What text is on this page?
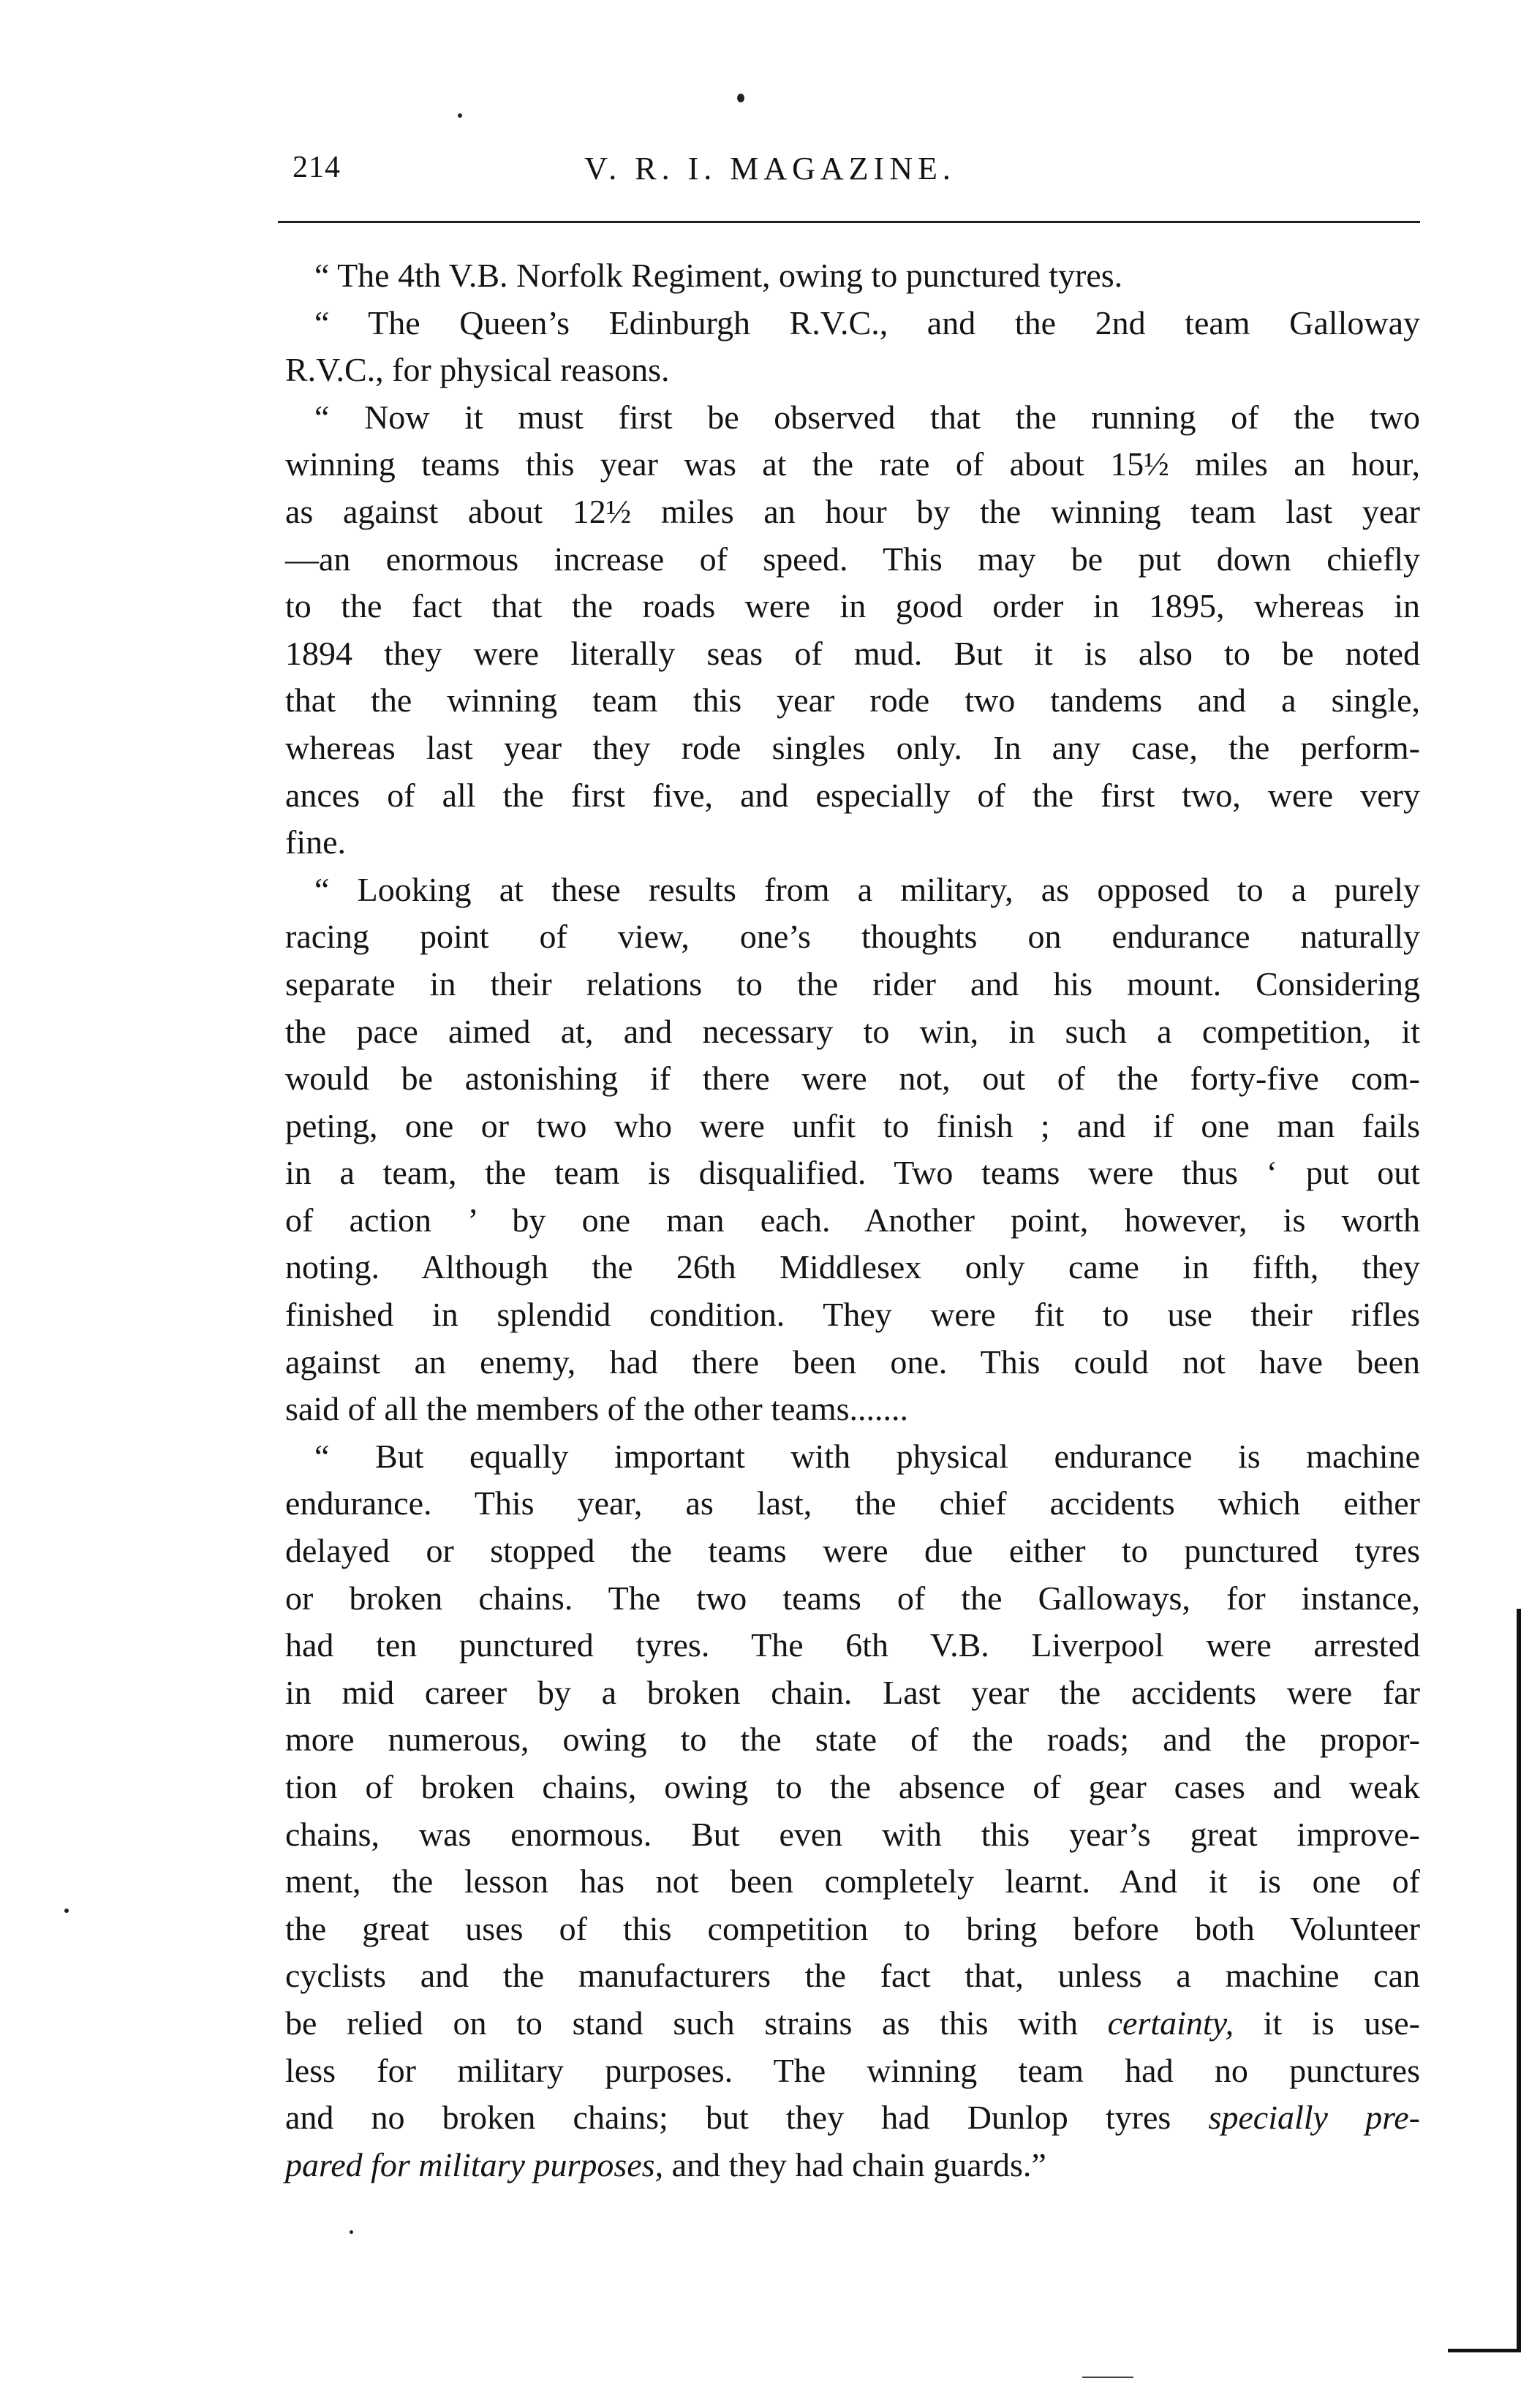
214	V. R. I. MAGAZINE.
“ The 4th V.B. Norfolk Regiment, owing to punctured tyres.
“ The Queen’s Edinburgh R.V.C., and the 2nd team Galloway
R.V.C., for physical reasons.
“ Now it must first be observed that the running of the two
winning teams this year was at the rate of about 15½ miles an hour,
as against about 12½ miles an hour by the winning team last year
—an enormous increase of speed. This may be put down chiefly
to the fact that the roads were in good order in 1895, whereas in
1894 they were literally seas of mud. But it is also to be noted
that the winning team this year rode two tandems and a single,
whereas last year they rode singles only. In any case, the perform-
ances of all the first five, and especially of the first two, were very
fine.
“ Looking at these results from a military, as opposed to a purely
racing point of view, one’s thoughts on endurance naturally
separate in their relations to the rider and his mount. Considering
the pace aimed at, and necessary to win, in such a competition, it
would be astonishing if there were not, out of the forty-five com-
peting, one or two who were unfit to finish ; and if one man fails
in a team, the team is disqualified. Two teams were thus ‘ put out
of action ’ by one man each. Another point, however, is worth
noting. Although the 26th Middlesex only came in fifth, they
finished in splendid condition. They were fit to use their rifles
against an enemy, had there been one. This could not have been
said of all the members of the other teams.......
“ But equally important with physical endurance is machine
endurance. This year, as last, the chief accidents which either
delayed or stopped the teams were due either to punctured tyres
or broken chains. The two teams of the Galloways, for instance,
had ten punctured tyres. The 6th V.B. Liverpool were arrested
in mid career by a broken chain. Last year the accidents were far
more numerous, owing to the state of the roads; and the propor-
tion of broken chains, owing to the absence of gear cases and weak
chains, was enormous. But even with this year’s great improve-
ment, the lesson has not been completely learnt. And it is one of
the great uses of this competition to bring before both Volunteer
cyclists and the manufacturers the fact that, unless a machine can
be relied on to stand such strains as this with certainty, it is use-
less for military purposes. The winning team had no punctures
and no broken chains; but they had Dunlop tyres specially pre-
pared for military purposes, and they had chain guards.”
